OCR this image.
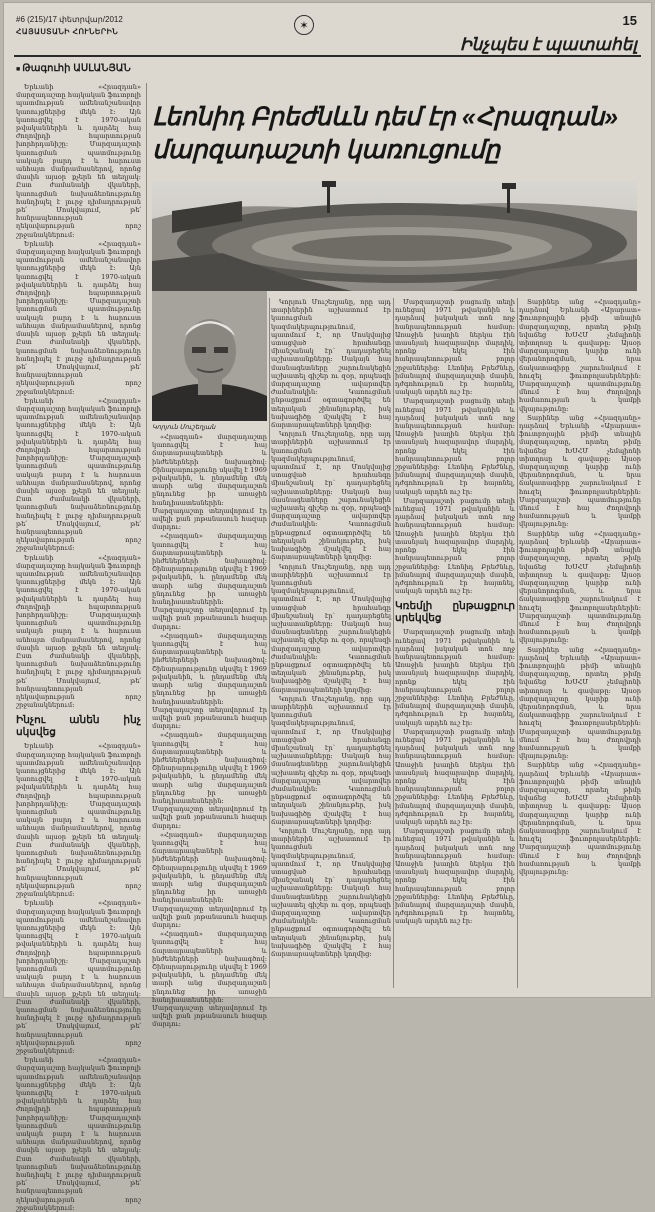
#6 (215)/17 փետրվար/2012
ՀԱՅԱՍՏԱՆԻ ՀՈՒՆԵՐԻՆ	✶	15
Ինչպես է պատահել
■ Թագուհի ԱՍԼԱՆՅԱՆ
Լեոնիդ Բրեժնևն դեմ էր «Հրազդան»
մարզադաշտի կառուցումը
Կորյուն Մուշեղյան

Երևանի «Հրազդան» մարզադաշտը հայկական ֆուտբոլի պատմության ամենանշանավոր կառույցներից մեկն է։ Այն կառուցվել է 1970-ական թվականներին և դարձել հայ ժողովրդի հպարտության խորհրդանիշը։ Մարզադաշտի կառուցման պատմությունը սակայն բարդ է և հարուստ անհայտ մանրամասներով, որոնց մասին այսօր քչերն են տեղյակ։ Ըստ ժամանակի վկաների, կառուցման նախաձեռնությունը հանդիպել է լուրջ դիմադրության թե՛ Մոսկվայում, թե՛ հանրապետության ղեկավարության որոշ շրջանակներում։

Երևանի «Հրազդան» մարզադաշտը հայկական ֆուտբոլի պատմության ամենանշանավոր կառույցներից մեկն է։ Այն կառուցվել է 1970-ական թվականներին և դարձել հայ ժողովրդի հպարտության խորհրդանիշը։ Մարզադաշտի կառուցման պատմությունը սակայն բարդ է և հարուստ անհայտ մանրամասներով, որոնց մասին այսօր քչերն են տեղյակ։ Ըստ ժամանակի վկաների, կառուցման նախաձեռնությունը հանդիպել է լուրջ դիմադրության թե՛ Մոսկվայում, թե՛ հանրապետության ղեկավարության որոշ շրջանակներում։

Երևանի «Հրազդան» մարզադաշտը հայկական ֆուտբոլի պատմության ամենանշանավոր կառույցներից մեկն է։ Այն կառուցվել է 1970-ական թվականներին և դարձել հայ ժողովրդի հպարտության խորհրդանիշը։ Մարզադաշտի կառուցման պատմությունը սակայն բարդ է և հարուստ անհայտ մանրամասներով, որոնց մասին այսօր քչերն են տեղյակ։ Ըստ ժամանակի վկաների, կառուցման նախաձեռնությունը հանդիպել է լուրջ դիմադրության թե՛ Մոսկվայում, թե՛ հանրապետության ղեկավարության որոշ շրջանակներում։

Երևանի «Հրազդան» մարզադաշտը հայկական ֆուտբոլի պատմության ամենանշանավոր կառույցներից մեկն է։ Այն կառուցվել է 1970-ական թվականներին և դարձել հայ ժողովրդի հպարտության խորհրդանիշը։ Մարզադաշտի կառուցման պատմությունը սակայն բարդ է և հարուստ անհայտ մանրամասներով, որոնց մասին այսօր քչերն են տեղյակ։ Ըստ ժամանակի վկաների, կառուցման նախաձեռնությունը հանդիպել է լուրջ դիմադրության թե՛ Մոսկվայում, թե՛ հանրապետության ղեկավարության որոշ շրջանակներում։

Ինչու անեն ինչ սկսվեց

Երևանի «Հրազդան» մարզադաշտը հայկական ֆուտբոլի պատմության ամենանշանավոր կառույցներից մեկն է։ Այն կառուցվել է 1970-ական թվականներին և դարձել հայ ժողովրդի հպարտության խորհրդանիշը։ Մարզադաշտի կառուցման պատմությունը սակայն բարդ է և հարուստ անհայտ մանրամասներով, որոնց մասին այսօր քչերն են տեղյակ։ Ըստ ժամանակի վկաների, կառուցման նախաձեռնությունը հանդիպել է լուրջ դիմադրության թե՛ Մոսկվայում, թե՛ հանրապետության ղեկավարության որոշ շրջանակներում։

Երևանի «Հրազդան» մարզադաշտը հայկական ֆուտբոլի պատմության ամենանշանավոր կառույցներից մեկն է։ Այն կառուցվել է 1970-ական թվականներին և դարձել հայ ժողովրդի հպարտության խորհրդանիշը։ Մարզադաշտի կառուցման պատմությունը սակայն բարդ է և հարուստ անհայտ մանրամասներով, որոնց մասին այսօր քչերն են տեղյակ։ Ըստ ժամանակի վկաների, կառուցման նախաձեռնությունը հանդիպել է լուրջ դիմադրության թե՛ Մոսկվայում, թե՛ հանրապետության ղեկավարության որոշ շրջանակներում։

Երևանի «Հրազդան» մարզադաշտը հայկական ֆուտբոլի պատմության ամենանշանավոր կառույցներից մեկն է։ Այն կառուցվել է 1970-ական թվականներին և դարձել հայ ժողովրդի հպարտության խորհրդանիշը։ Մարզադաշտի կառուցման պատմությունը սակայն բարդ է և հարուստ անհայտ մանրամասներով, որոնց մասին այսօր քչերն են տեղյակ։ Ըստ ժամանակի վկաների, կառուցման նախաձեռնությունը հանդիպել է լուրջ դիմադրության թե՛ Մոսկվայում, թե՛ հանրապետության ղեկավարության որոշ շրջանակներում։

«Հրազդան» մարզադաշտը կառուցվել է հայ ճարտարապետների և ինժեներների նախագծով։ Շինարարությունը սկսվել է 1969 թվականին, և ընդամենը մեկ տարի անց մարզադաշտն ընդունեց իր առաջին հանդիսատեսներին։ Մարզադաշտը տեղավորում էր ավելի քան յոթանասուն հազար մարդու։

«Հրազդան» մարզադաշտը կառուցվել է հայ ճարտարապետների և ինժեներների նախագծով։ Շինարարությունը սկսվել է 1969 թվականին, և ընդամենը մեկ տարի անց մարզադաշտն ընդունեց իր առաջին հանդիսատեսներին։ Մարզադաշտը տեղավորում էր ավելի քան յոթանասուն հազար մարդու։

«Հրազդան» մարզադաշտը կառուցվել է հայ ճարտարապետների և ինժեներների նախագծով։ Շինարարությունը սկսվել է 1969 թվականին, և ընդամենը մեկ տարի անց մարզադաշտն ընդունեց իր առաջին հանդիսատեսներին։ Մարզադաշտը տեղավորում էր ավելի քան յոթանասուն հազար մարդու։

«Հրազդան» մարզադաշտը կառուցվել է հայ ճարտարապետների և ինժեներների նախագծով։ Շինարարությունը սկսվել է 1969 թվականին, և ընդամենը մեկ տարի անց մարզադաշտն ընդունեց իր առաջին հանդիսատեսներին։ Մարզադաշտը տեղավորում էր ավելի քան յոթանասուն հազար մարդու։

«Հրազդան» մարզադաշտը կառուցվել է հայ ճարտարապետների և ինժեներների նախագծով։ Շինարարությունը սկսվել է 1969 թվականին, և ընդամենը մեկ տարի անց մարզադաշտն ընդունեց իր առաջին հանդիսատեսներին։ Մարզադաշտը տեղավորում էր ավելի քան յոթանասուն հազար մարդու։

«Հրազդան» մարզադաշտը կառուցվել է հայ ճարտարապետների և ինժեներների նախագծով։ Շինարարությունը սկսվել է 1969 թվականին, և ընդամենը մեկ տարի անց մարզադաշտն ընդունեց իր առաջին հանդիսատեսներին։ Մարզադաշտը տեղավորում էր ավելի քան յոթանասուն հազար մարդու։

Կորյուն Մուշեղյանը, որը այդ տարիներին աշխատում էր կառուցման կազմակերպությունում, պատմում է, որ Մոսկվայից ստացված հրահանգը միանշանակ էր՝ դադարեցնել աշխատանքները։ Սակայն հայ մասնագետները շարունակեցին աշխատել գիշեր ու զօր, որպեսզի մարզադաշտը ավարտվեր ժամանակին։ Կառուցման ընթացքում օգտագործվել են տեղական շինանյութեր, իսկ նախագիծը մշակվել է հայ ճարտարապետների կողմից։

Կորյուն Մուշեղյանը, որը այդ տարիներին աշխատում էր կառուցման կազմակերպությունում, պատմում է, որ Մոսկվայից ստացված հրահանգը միանշանակ էր՝ դադարեցնել աշխատանքները։ Սակայն հայ մասնագետները շարունակեցին աշխատել գիշեր ու զօր, որպեսզի մարզադաշտը ավարտվեր ժամանակին։ Կառուցման ընթացքում օգտագործվել են տեղական շինանյութեր, իսկ նախագիծը մշակվել է հայ ճարտարապետների կողմից։

Կորյուն Մուշեղյանը, որը այդ տարիներին աշխատում էր կառուցման կազմակերպությունում, պատմում է, որ Մոսկվայից ստացված հրահանգը միանշանակ էր՝ դադարեցնել աշխատանքները։ Սակայն հայ մասնագետները շարունակեցին աշխատել գիշեր ու զօր, որպեսզի մարզադաշտը ավարտվեր ժամանակին։ Կառուցման ընթացքում օգտագործվել են տեղական շինանյութեր, իսկ նախագիծը մշակվել է հայ ճարտարապետների կողմից։

Կորյուն Մուշեղյանը, որը այդ տարիներին աշխատում էր կառուցման կազմակերպությունում, պատմում է, որ Մոսկվայից ստացված հրահանգը միանշանակ էր՝ դադարեցնել աշխատանքները։ Սակայն հայ մասնագետները շարունակեցին աշխատել գիշեր ու զօր, որպեսզի մարզադաշտը ավարտվեր ժամանակին։ Կառուցման ընթացքում օգտագործվել են տեղական շինանյութեր, իսկ նախագիծը մշակվել է հայ ճարտարապետների կողմից։

Կորյուն Մուշեղյանը, որը այդ տարիներին աշխատում էր կառուցման կազմակերպությունում, պատմում է, որ Մոսկվայից ստացված հրահանգը միանշանակ էր՝ դադարեցնել աշխատանքները։ Սակայն հայ մասնագետները շարունակեցին աշխատել գիշեր ու զօր, որպեսզի մարզադաշտը ավարտվեր ժամանակին։ Կառուցման ընթացքում օգտագործվել են տեղական շինանյութեր, իսկ նախագիծը մշակվել է հայ ճարտարապետների կողմից։

Մարզադաշտի բացումը տեղի ունեցավ 1971 թվականին և դարձավ իսկական տոն ողջ հանրապետության համար։ Առաջին խաղին ներկա էին տասնյակ հազարավոր մարդիկ, որոնք եկել էին հանրապետության բոլոր շրջաններից։ Լեոնիդ Բրեժնևը, իմանալով մարզադաշտի մասին, դժգոհություն էր հայտնել, սակայն արդեն ուշ էր։

Մարզադաշտի բացումը տեղի ունեցավ 1971 թվականին և դարձավ իսկական տոն ողջ հանրապետության համար։ Առաջին խաղին ներկա էին տասնյակ հազարավոր մարդիկ, որոնք եկել էին հանրապետության բոլոր շրջաններից։ Լեոնիդ Բրեժնևը, իմանալով մարզադաշտի մասին, դժգոհություն էր հայտնել, սակայն արդեն ուշ էր։

Մարզադաշտի բացումը տեղի ունեցավ 1971 թվականին և դարձավ իսկական տոն ողջ հանրապետության համար։ Առաջին խաղին ներկա էին տասնյակ հազարավոր մարդիկ, որոնք եկել էին հանրապետության բոլոր շրջաններից։ Լեոնիդ Բրեժնևը, իմանալով մարզադաշտի մասին, դժգոհություն էր հայտնել, սակայն արդեն ուշ էր։

Կռեմլի ընթացքուր սրեկվեց

Մարզադաշտի բացումը տեղի ունեցավ 1971 թվականին և դարձավ իսկական տոն ողջ հանրապետության համար։ Առաջին խաղին ներկա էին տասնյակ հազարավոր մարդիկ, որոնք եկել էին հանրապետության բոլոր շրջաններից։ Լեոնիդ Բրեժնևը, իմանալով մարզադաշտի մասին, դժգոհություն էր հայտնել, սակայն արդեն ուշ էր։

Մարզադաշտի բացումը տեղի ունեցավ 1971 թվականին և դարձավ իսկական տոն ողջ հանրապետության համար։ Առաջին խաղին ներկա էին տասնյակ հազարավոր մարդիկ, որոնք եկել էին հանրապետության բոլոր շրջաններից։ Լեոնիդ Բրեժնևը, իմանալով մարզադաշտի մասին, դժգոհություն էր հայտնել, սակայն արդեն ուշ էր։

Մարզադաշտի բացումը տեղի ունեցավ 1971 թվականին և դարձավ իսկական տոն ողջ հանրապետության համար։ Առաջին խաղին ներկա էին տասնյակ հազարավոր մարդիկ, որոնք եկել էին հանրապետության բոլոր շրջաններից։ Լեոնիդ Բրեժնևը, իմանալով մարզադաշտի մասին, դժգոհություն էր հայտնել, սակայն արդեն ուշ էր։

Տարիներ անց «Հրազդանը» դարձավ Երևանի «Արարատ» ֆուտբոլային թիմի տնային մարզադաշտը, որտեղ թիմը նվաճեց ԽՍՀՄ չեմպիոնի տիտղոսը և գավաթը։ Այսօր մարզադաշտը կարիք ունի վերանորոգման, և նրա ճակատագիրը շարունակում է հուզել ֆուտբոլասերներին։ Մարզադաշտի պատմությունը մնում է հայ ժողովրդի համառության և կամքի վկայությունը։

Տարիներ անց «Հրազդանը» դարձավ Երևանի «Արարատ» ֆուտբոլային թիմի տնային մարզադաշտը, որտեղ թիմը նվաճեց ԽՍՀՄ չեմպիոնի տիտղոսը և գավաթը։ Այսօր մարզադաշտը կարիք ունի վերանորոգման, և նրա ճակատագիրը շարունակում է հուզել ֆուտբոլասերներին։ Մարզադաշտի պատմությունը մնում է հայ ժողովրդի համառության և կամքի վկայությունը։

Տարիներ անց «Հրազդանը» դարձավ Երևանի «Արարատ» ֆուտբոլային թիմի տնային մարզադաշտը, որտեղ թիմը նվաճեց ԽՍՀՄ չեմպիոնի տիտղոսը և գավաթը։ Այսօր մարզադաշտը կարիք ունի վերանորոգման, և նրա ճակատագիրը շարունակում է հուզել ֆուտբոլասերներին։ Մարզադաշտի պատմությունը մնում է հայ ժողովրդի համառության և կամքի վկայությունը։

Տարիներ անց «Հրազդանը» դարձավ Երևանի «Արարատ» ֆուտբոլային թիմի տնային մարզադաշտը, որտեղ թիմը նվաճեց ԽՍՀՄ չեմպիոնի տիտղոսը և գավաթը։ Այսօր մարզադաշտը կարիք ունի վերանորոգման, և նրա ճակատագիրը շարունակում է հուզել ֆուտբոլասերներին։ Մարզադաշտի պատմությունը մնում է հայ ժողովրդի համառության և կամքի վկայությունը։

Տարիներ անց «Հրազդանը» դարձավ Երևանի «Արարատ» ֆուտբոլային թիմի տնային մարզադաշտը, որտեղ թիմը նվաճեց ԽՍՀՄ չեմպիոնի տիտղոսը և գավաթը։ Այսօր մարզադաշտը կարիք ունի վերանորոգման, և նրա ճակատագիրը շարունակում է հուզել ֆուտբոլասերներին։ Մարզադաշտի պատմությունը մնում է հայ ժողովրդի համառության և կամքի վկայությունը։
